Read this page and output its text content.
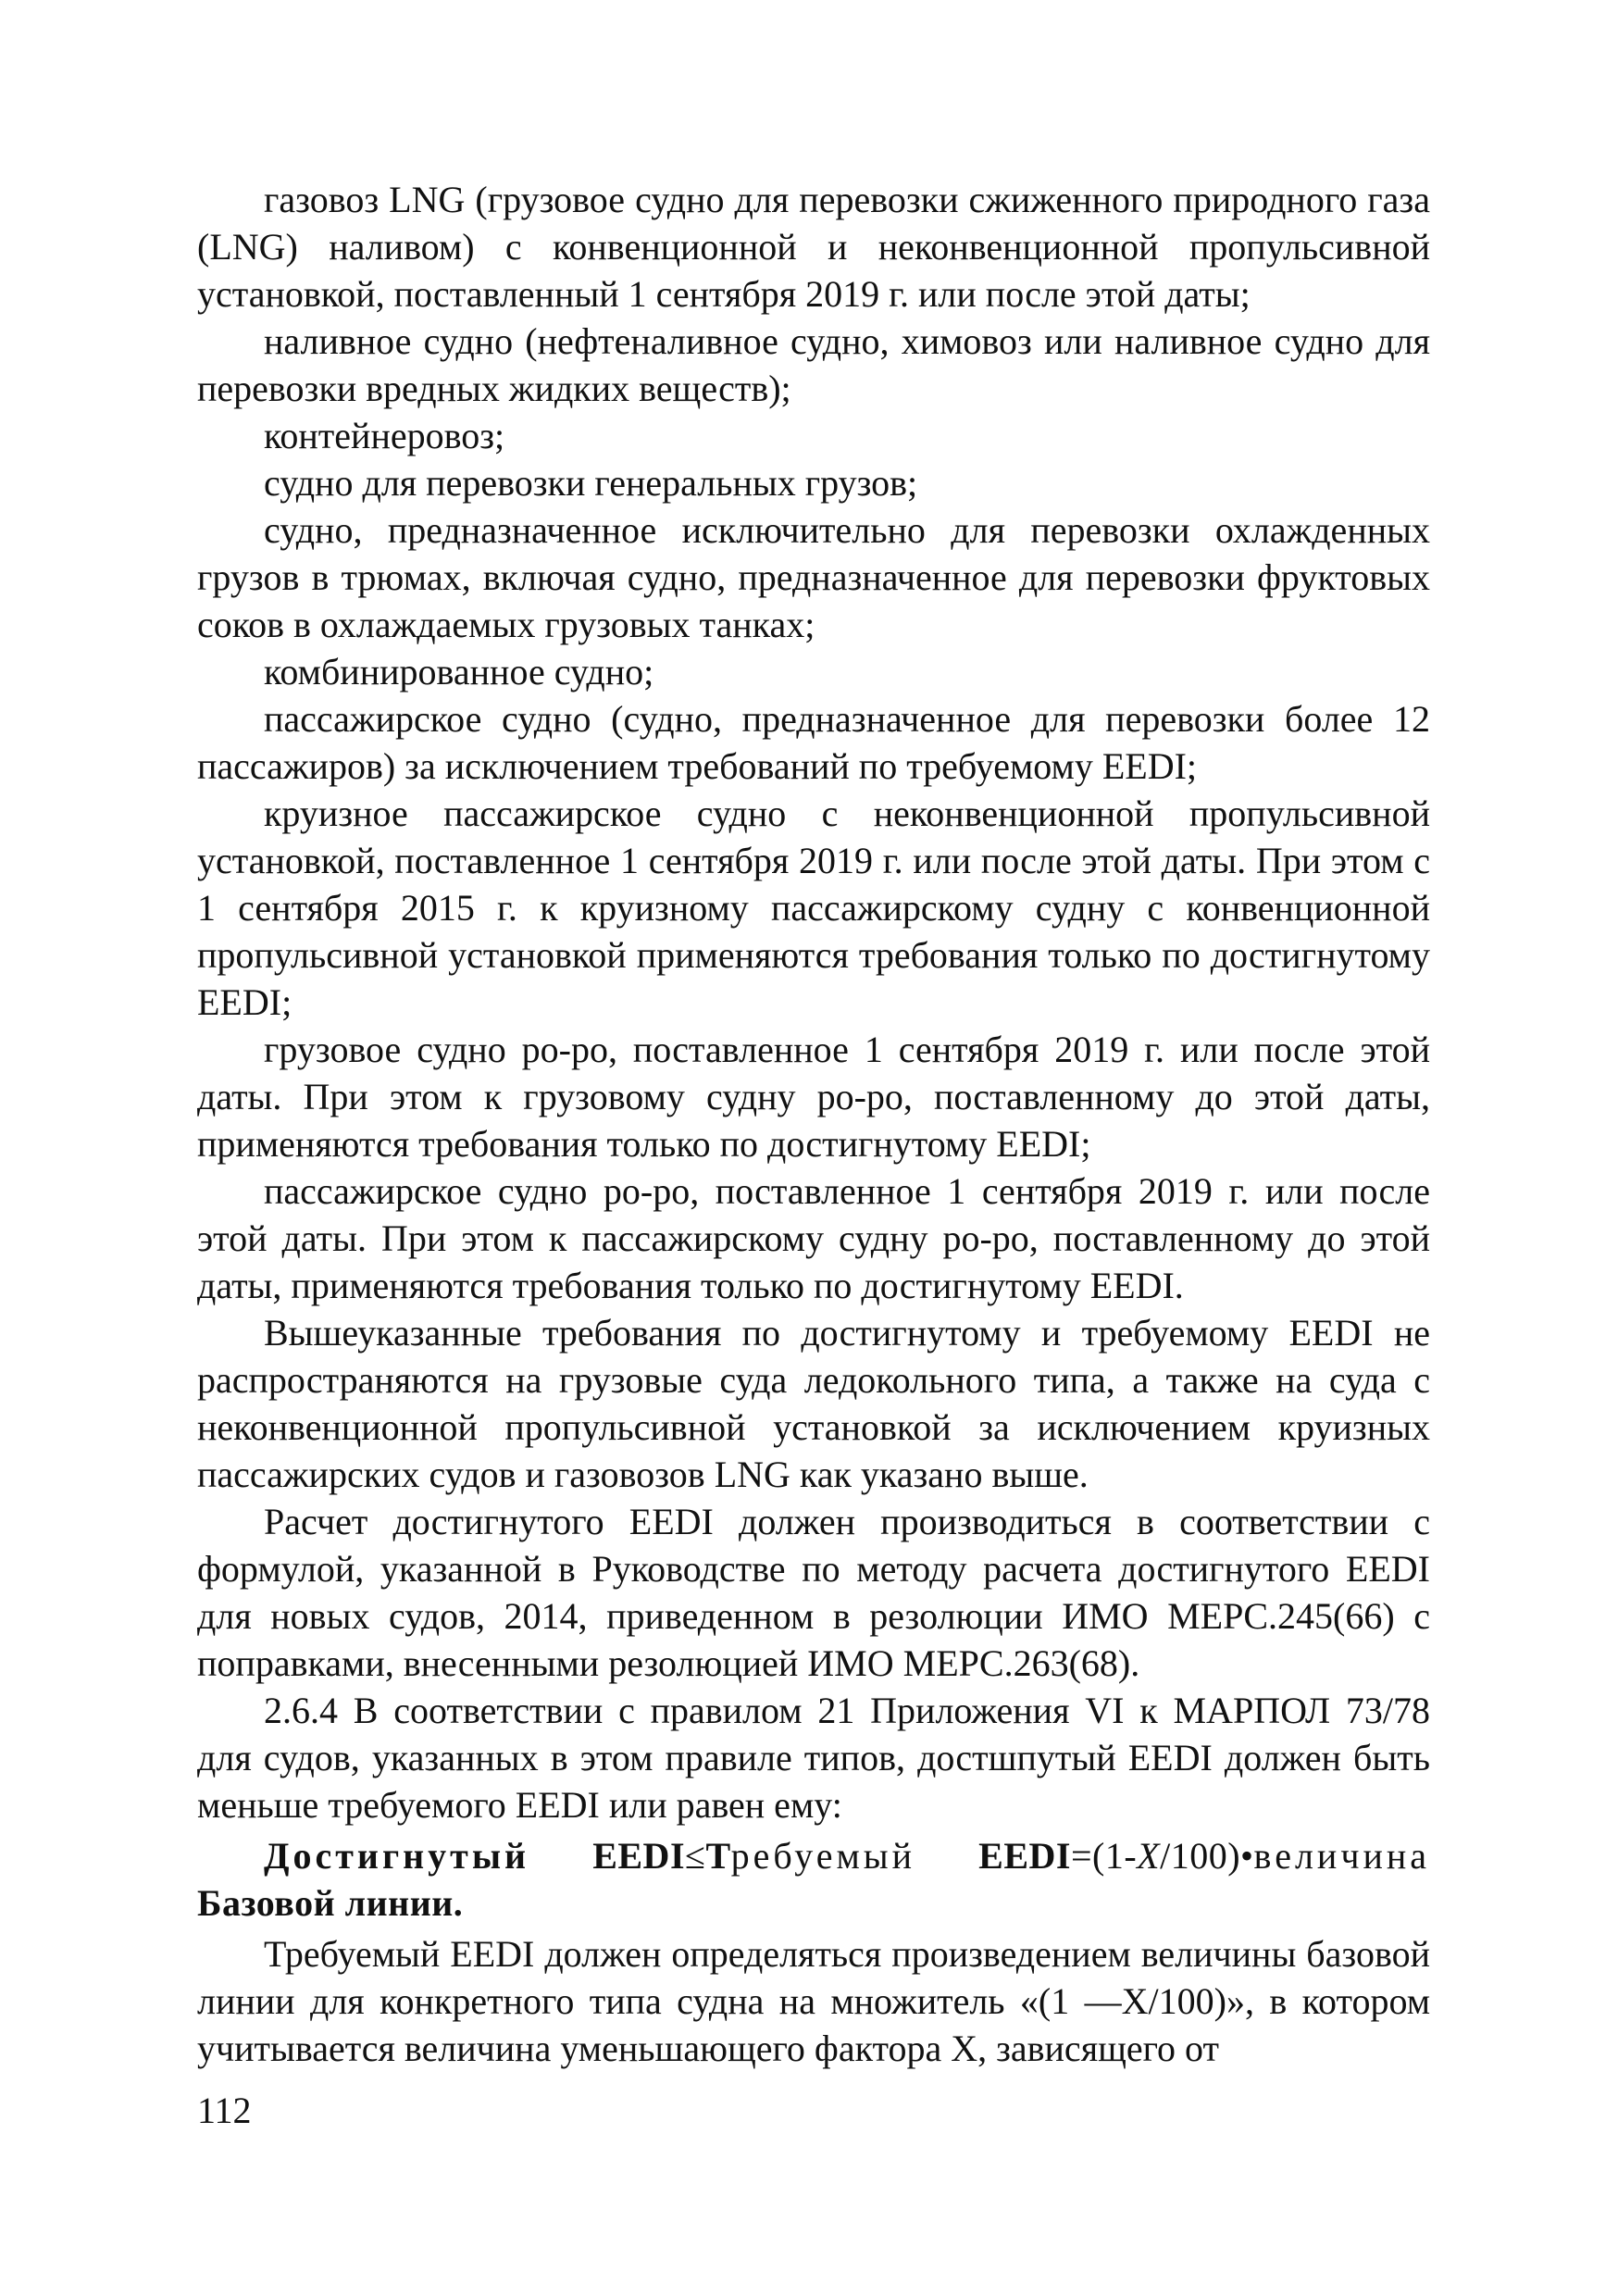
газовоз LNG (грузовое судно для перевозки сжиженного природного газа (LNG) наливом) с конвенционной и неконвенционной пропульсивной установкой, поставленный 1 сентября 2019 г. или после этой даты;

наливное судно (нефтеналивное судно, химовоз или наливное судно для перевозки вредных жидких веществ);

контейнеровоз;

судно для перевозки генеральных грузов;

судно, предназначенное исключительно для перевозки охлажденных грузов в трюмах, включая судно, предназначенное для перевозки фруктовых соков в охлаждаемых грузовых танках;

комбинированное судно;

пассажирское судно (судно, предназначенное для перевозки более 12 пассажиров) за исключением требований по требуемому EEDI;

круизное пассажирское судно с неконвенционной пропульсивной установкой, поставленное 1 сентября 2019 г. или после этой даты. При этом с 1 сентября 2015 г. к круизному пассажирскому судну с конвенционной пропульсивной установкой применяются требования только по достигнутому EEDI;

грузовое судно ро-ро, поставленное 1 сентября 2019 г. или после этой даты. При этом к грузовому судну ро-ро, поставленному до этой даты, применяются требования только по достигнутому EEDI;

пассажирское судно ро-ро, поставленное 1 сентября 2019 г. или после этой даты. При этом к пассажирскому судну ро-ро, поставленному до этой даты, применяются требования только по достигнутому EEDI.

Вышеуказанные требования по достигнутому и требуемому EEDI не распространяются на грузовые суда ледокольного типа, а также на суда с неконвенционной пропульсивной установкой за исключением круизных пассажирских судов и газовозов LNG как указано выше.

Расчет достигнутого EEDI должен производиться в соответствии с формулой, указанной в Руководстве по методу расчета достигнутого EEDI для новых судов, 2014, приведенном в резолюции ИМО MEPC.245(66) с поправками, внесенными резолюцией ИМО MEPC.263(68).

2.6.4 В соответствии с правилом 21 Приложения VI к МАРПОЛ 73/78 для судов, указанных в этом правиле типов, достшпутый EEDI должен быть меньше требуемого EEDI или равен ему:

Достигнутый EEDI≤Требуемый EEDI=(1-X/100)•величина Базовой линии.

Требуемый EEDI должен определяться произведением величины базовой линии для конкретного типа судна на множитель «(1 —X/100)», в котором учитывается величина уменьшающего фактора X, зависящего от

112
